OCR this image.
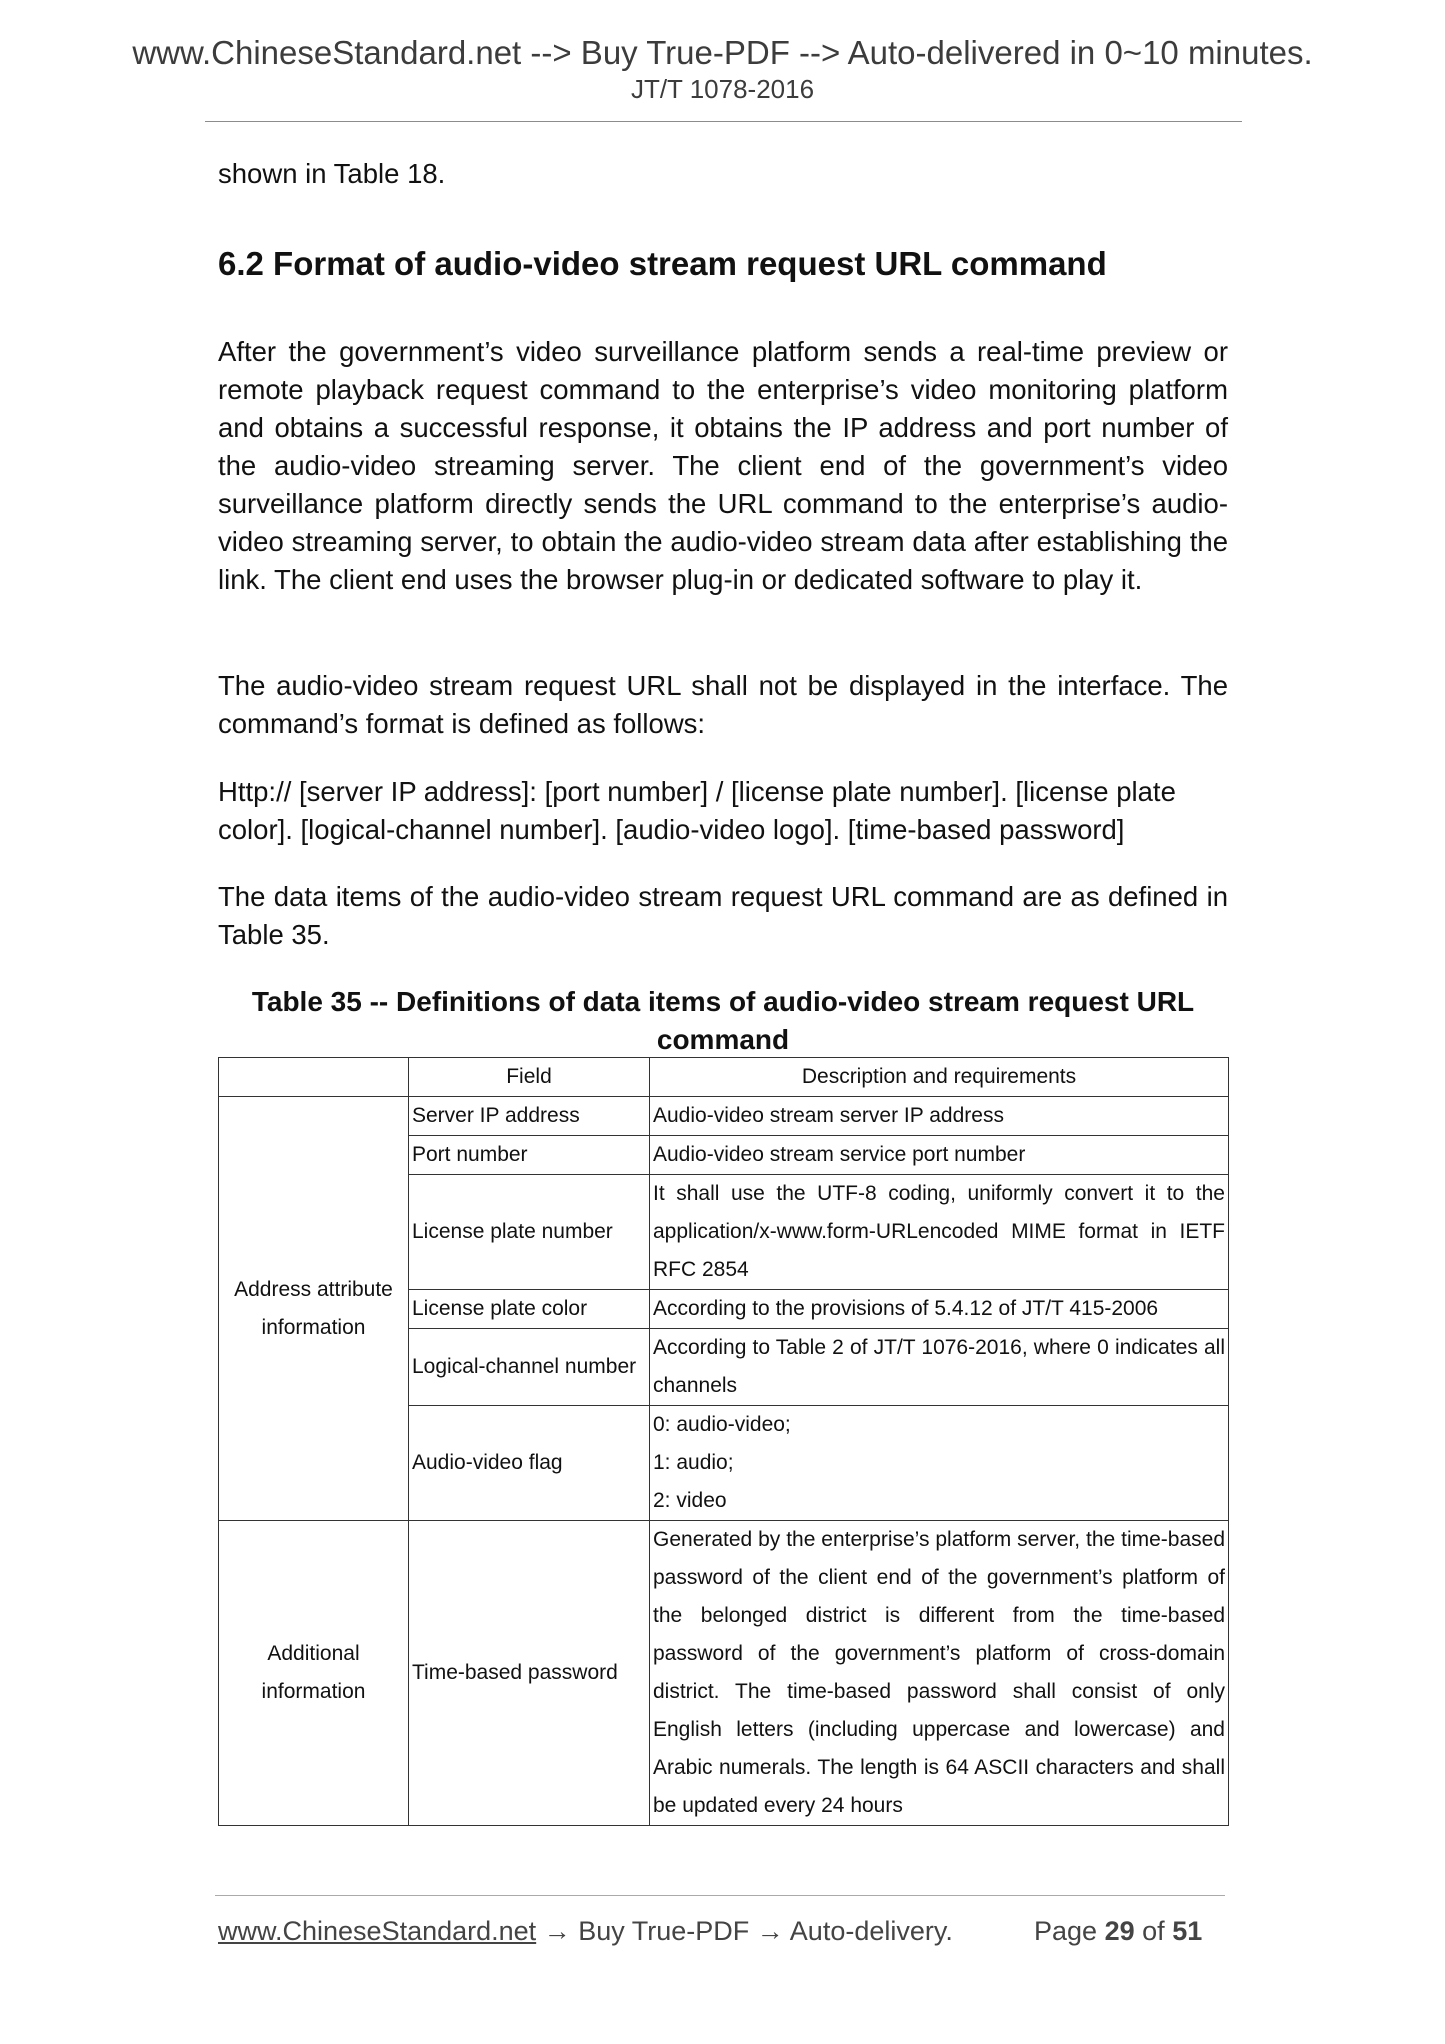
www.ChineseStandard.net --> Buy True-PDF --> Auto-delivered in 0~10 minutes.
JT/T 1078-2016

shown in Table 18.

6.2 Format of audio-video stream request URL command

After the government’s video surveillance platform sends a real-time preview or remote playback request command to the enterprise’s video monitoring platform and obtains a successful response, it obtains the IP address and port number of the audio-video streaming server. The client end of the government’s video surveillance platform directly sends the URL command to the enterprise’s audio-video streaming server, to obtain the audio-video stream data after establishing the link. The client end uses the browser plug-in or dedicated software to play it.

The audio-video stream request URL shall not be displayed in the interface. The command’s format is defined as follows:

Http:// [server IP address]: [port number] / [license plate number]. [license plate color]. [logical-channel number]. [audio-video logo]. [time-based password]

The data items of the audio-video stream request URL command are as defined in Table 35.

Table 35 -- Definitions of data items of audio-video stream request URL command

	Field	Description and requirements
Address attribute information	Server IP address	Audio-video stream server IP address
	Port number	Audio-video stream service port number
	License plate number	It shall use the UTF-8 coding, uniformly convert it to the application/x-www.form-URLencoded MIME format in IETF RFC 2854
	License plate color	According to the provisions of 5.4.12 of JT/T 415-2006
	Logical-channel number	According to Table 2 of JT/T 1076-2016, where 0 indicates all channels
	Audio-video flag	0: audio-video;
1: audio;
2: video

Additional information	Time-based password	Generated by the enterprise’s platform server, the time-based password of the client end of the government’s platform of the belonged district is different from the time-based password of the government’s platform of cross-domain district. The time-based password shall consist of only English letters (including uppercase and lowercase) and Arabic numerals. The length is 64 ASCII characters and shall be updated every 24 hours
www.ChineseStandard.net → Buy True-PDF → Auto-delivery.	Page 29 of 51
